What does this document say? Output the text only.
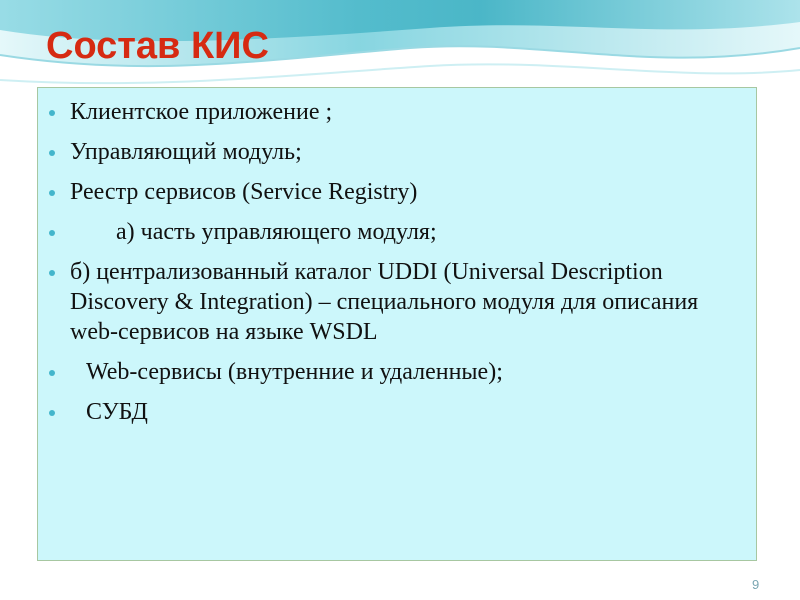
Состав КИС
Клиентское приложение ;
Управляющий модуль;
Реестр сервисов (Service Registry)
а) часть управляющего модуля;
б) централизованный каталог UDDI (Universal Description Discovery & Integration) – специального модуля для описания web-сервисов на языке WSDL
Web-сервисы (внутренние и удаленные);
СУБД
9
